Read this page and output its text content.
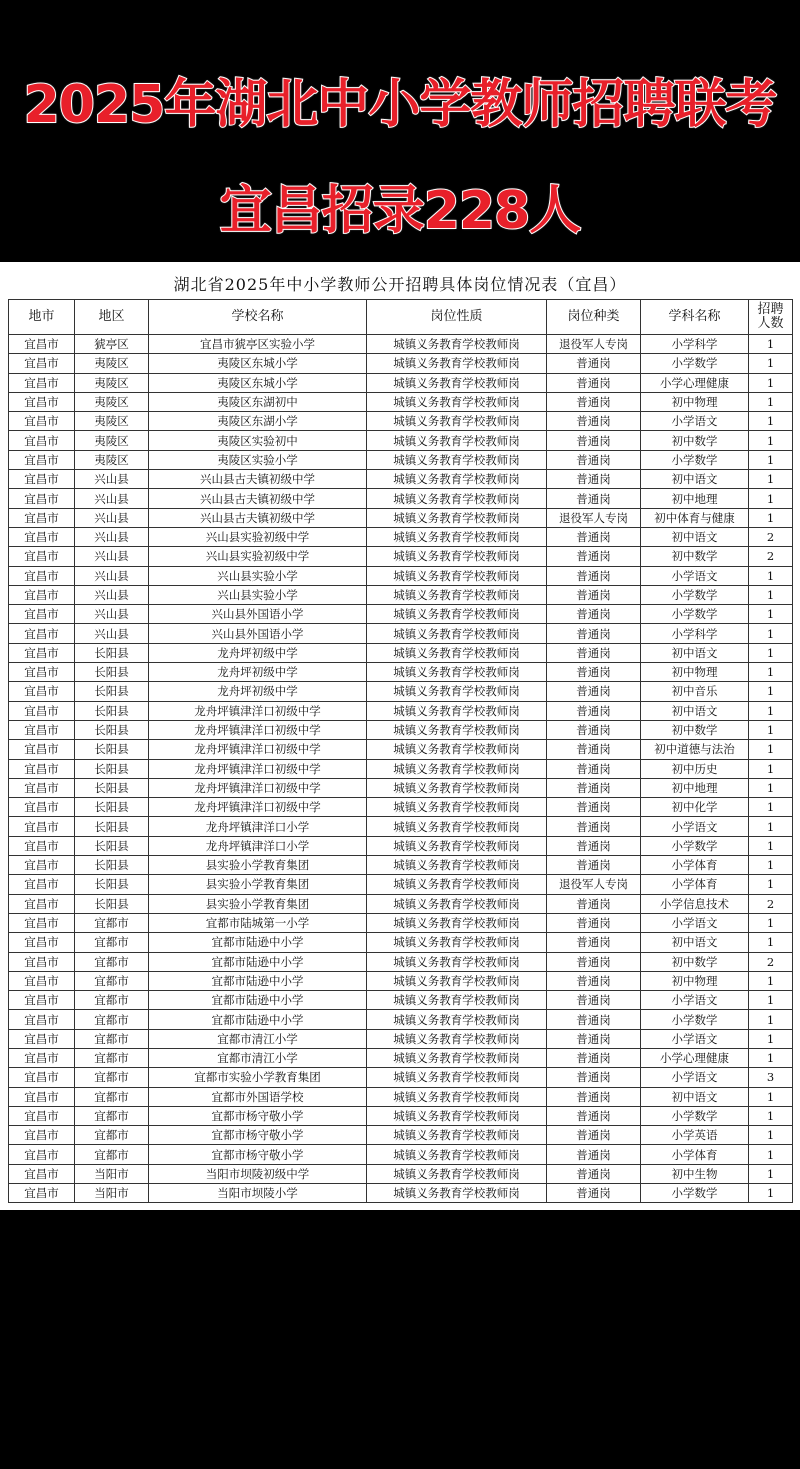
2025年湖北中小学教师招聘联考
宜昌招录228人
湖北省2025年中小学教师公开招聘具体岗位情况表（宜昌）
地市	地区	学校名称	岗位性质	岗位种类	学科名称	招聘
人数
宜昌市	猇亭区	宜昌市猇亭区实验小学	城镇义务教育学校教师岗	退役军人专岗	小学科学	1
宜昌市	夷陵区	夷陵区东城小学	城镇义务教育学校教师岗	普通岗	小学数学	1
宜昌市	夷陵区	夷陵区东城小学	城镇义务教育学校教师岗	普通岗	小学心理健康	1
宜昌市	夷陵区	夷陵区东湖初中	城镇义务教育学校教师岗	普通岗	初中物理	1
宜昌市	夷陵区	夷陵区东湖小学	城镇义务教育学校教师岗	普通岗	小学语文	1
宜昌市	夷陵区	夷陵区实验初中	城镇义务教育学校教师岗	普通岗	初中数学	1
宜昌市	夷陵区	夷陵区实验小学	城镇义务教育学校教师岗	普通岗	小学数学	1
宜昌市	兴山县	兴山县古夫镇初级中学	城镇义务教育学校教师岗	普通岗	初中语文	1
宜昌市	兴山县	兴山县古夫镇初级中学	城镇义务教育学校教师岗	普通岗	初中地理	1
宜昌市	兴山县	兴山县古夫镇初级中学	城镇义务教育学校教师岗	退役军人专岗	初中体育与健康	1
宜昌市	兴山县	兴山县实验初级中学	城镇义务教育学校教师岗	普通岗	初中语文	2
宜昌市	兴山县	兴山县实验初级中学	城镇义务教育学校教师岗	普通岗	初中数学	2
宜昌市	兴山县	兴山县实验小学	城镇义务教育学校教师岗	普通岗	小学语文	1
宜昌市	兴山县	兴山县实验小学	城镇义务教育学校教师岗	普通岗	小学数学	1
宜昌市	兴山县	兴山县外国语小学	城镇义务教育学校教师岗	普通岗	小学数学	1
宜昌市	兴山县	兴山县外国语小学	城镇义务教育学校教师岗	普通岗	小学科学	1
宜昌市	长阳县	龙舟坪初级中学	城镇义务教育学校教师岗	普通岗	初中语文	1
宜昌市	长阳县	龙舟坪初级中学	城镇义务教育学校教师岗	普通岗	初中物理	1
宜昌市	长阳县	龙舟坪初级中学	城镇义务教育学校教师岗	普通岗	初中音乐	1
宜昌市	长阳县	龙舟坪镇津洋口初级中学	城镇义务教育学校教师岗	普通岗	初中语文	1
宜昌市	长阳县	龙舟坪镇津洋口初级中学	城镇义务教育学校教师岗	普通岗	初中数学	1
宜昌市	长阳县	龙舟坪镇津洋口初级中学	城镇义务教育学校教师岗	普通岗	初中道德与法治	1
宜昌市	长阳县	龙舟坪镇津洋口初级中学	城镇义务教育学校教师岗	普通岗	初中历史	1
宜昌市	长阳县	龙舟坪镇津洋口初级中学	城镇义务教育学校教师岗	普通岗	初中地理	1
宜昌市	长阳县	龙舟坪镇津洋口初级中学	城镇义务教育学校教师岗	普通岗	初中化学	1
宜昌市	长阳县	龙舟坪镇津洋口小学	城镇义务教育学校教师岗	普通岗	小学语文	1
宜昌市	长阳县	龙舟坪镇津洋口小学	城镇义务教育学校教师岗	普通岗	小学数学	1
宜昌市	长阳县	县实验小学教育集团	城镇义务教育学校教师岗	普通岗	小学体育	1
宜昌市	长阳县	县实验小学教育集团	城镇义务教育学校教师岗	退役军人专岗	小学体育	1
宜昌市	长阳县	县实验小学教育集团	城镇义务教育学校教师岗	普通岗	小学信息技术	2
宜昌市	宜都市	宜都市陆城第一小学	城镇义务教育学校教师岗	普通岗	小学语文	1
宜昌市	宜都市	宜都市陆逊中小学	城镇义务教育学校教师岗	普通岗	初中语文	1
宜昌市	宜都市	宜都市陆逊中小学	城镇义务教育学校教师岗	普通岗	初中数学	2
宜昌市	宜都市	宜都市陆逊中小学	城镇义务教育学校教师岗	普通岗	初中物理	1
宜昌市	宜都市	宜都市陆逊中小学	城镇义务教育学校教师岗	普通岗	小学语文	1
宜昌市	宜都市	宜都市陆逊中小学	城镇义务教育学校教师岗	普通岗	小学数学	1
宜昌市	宜都市	宜都市清江小学	城镇义务教育学校教师岗	普通岗	小学语文	1
宜昌市	宜都市	宜都市清江小学	城镇义务教育学校教师岗	普通岗	小学心理健康	1
宜昌市	宜都市	宜都市实验小学教育集团	城镇义务教育学校教师岗	普通岗	小学语文	3
宜昌市	宜都市	宜都市外国语学校	城镇义务教育学校教师岗	普通岗	初中语文	1
宜昌市	宜都市	宜都市杨守敬小学	城镇义务教育学校教师岗	普通岗	小学数学	1
宜昌市	宜都市	宜都市杨守敬小学	城镇义务教育学校教师岗	普通岗	小学英语	1
宜昌市	宜都市	宜都市杨守敬小学	城镇义务教育学校教师岗	普通岗	小学体育	1
宜昌市	当阳市	当阳市坝陵初级中学	城镇义务教育学校教师岗	普通岗	初中生物	1
宜昌市	当阳市	当阳市坝陵小学	城镇义务教育学校教师岗	普通岗	小学数学	1
